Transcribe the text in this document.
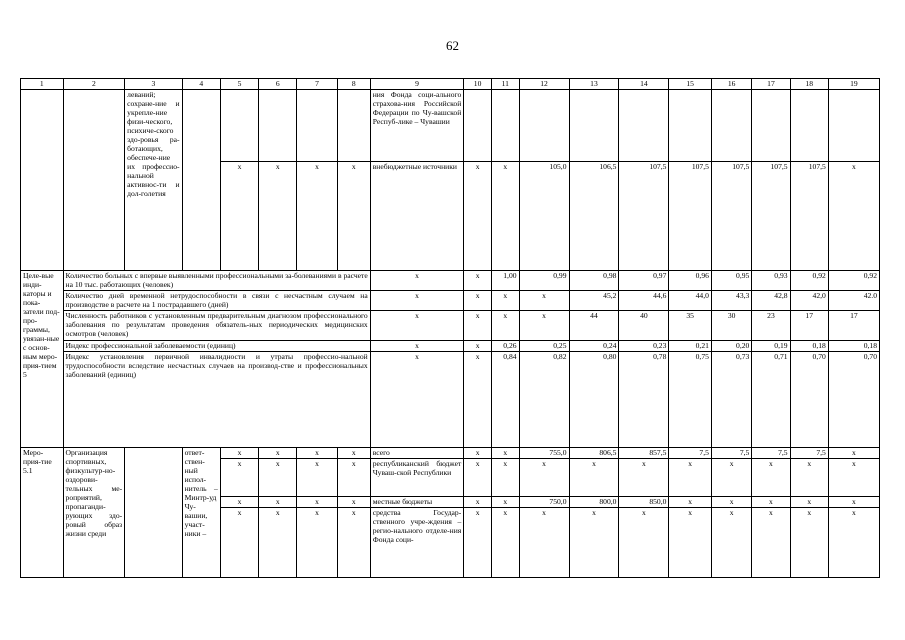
62
1	2	3	4	5	6	7	8	9	10	11	12	13	14	15	16	17	18	19
		леваний; сохране-ние и укрепле-ние физи-ческого, психиче-ского здо-ровья ра-ботающих, обеспече-ние их профессио-нальной активнос-ти и дол-голетия						ния Фонда соци-ального страхова-ния Российской Федерации по Чу-вашской Респуб-лике – Чувашии										
				x	x	x	x	внебюджетные источники	x	x	105,0	106,5	107,5	107,5	107,5	107,5	107,5	x
Целе-вые инди-каторы и пока-затели под-про-граммы, увязан-ные с основ-ным меро-прия-тием 5	Количество больных с впервые выявленными профессиональными за-болеваниями в расчете на 10 тыс. работающих (человек)							x	x	1,00	0,99	0,98	0,97	0,96	0,95	0,93	0,92	0,92
	Количество дней временной нетрудоспособности в связи с несчастным случаем на производстве в расчете на 1 пострадавшего (дней)							x	x	x	x	45,2	44,6	44,0	43,3	42,8	42,0	42.0
	Численность работников с установленным предварительным диагнозом профессионального заболевания по результатам проведения обязатель-ных периодических медицинских осмотров (человек)							x	x	x	x	44	40	35	30	23	17	17
	Индекс профессиональной заболеваемости (единиц)							x	x	0,26	0,25	0,24	0,23	0,21	0,20	0,19	0,18	0,18
	Индекс установления первичной инвалидности и утраты профессио-нальной трудоспособности вследствие несчастных случаев на производ-стве и профессиональных заболеваний (единиц)							x	x	0,84	0,82	0,80	0,78	0,75	0,73	0,71	0,70	0,70
Меро-прия-тие 5.1	Организация спортивных, физкультур-но-оздорови-тельных ме-роприятий, пропаганди-рующих здо-ровый образ жизни среди		ответ-ствен-ный испол-нитель – Минтр-уд Чу-вашии, участ-ники –	x	x	x	x	всего	x	x	755,0	806,5	857,5	7,5	7,5	7,5	7,5	x
				x	x	x	x	республиканский бюджет Чуваш-ской Республики	x	x	x	x	x	x	x	x	x	x
				x	x	x	x	местные бюджеты	x	x	750,0	800,0	850,0	x	x	x	x	x
				x	x	x	x	средства Государ-ственного учре-ждения – регио-нального отделе-ния Фонда соци-	x	x	x	x	x	x	x	x	x	x
